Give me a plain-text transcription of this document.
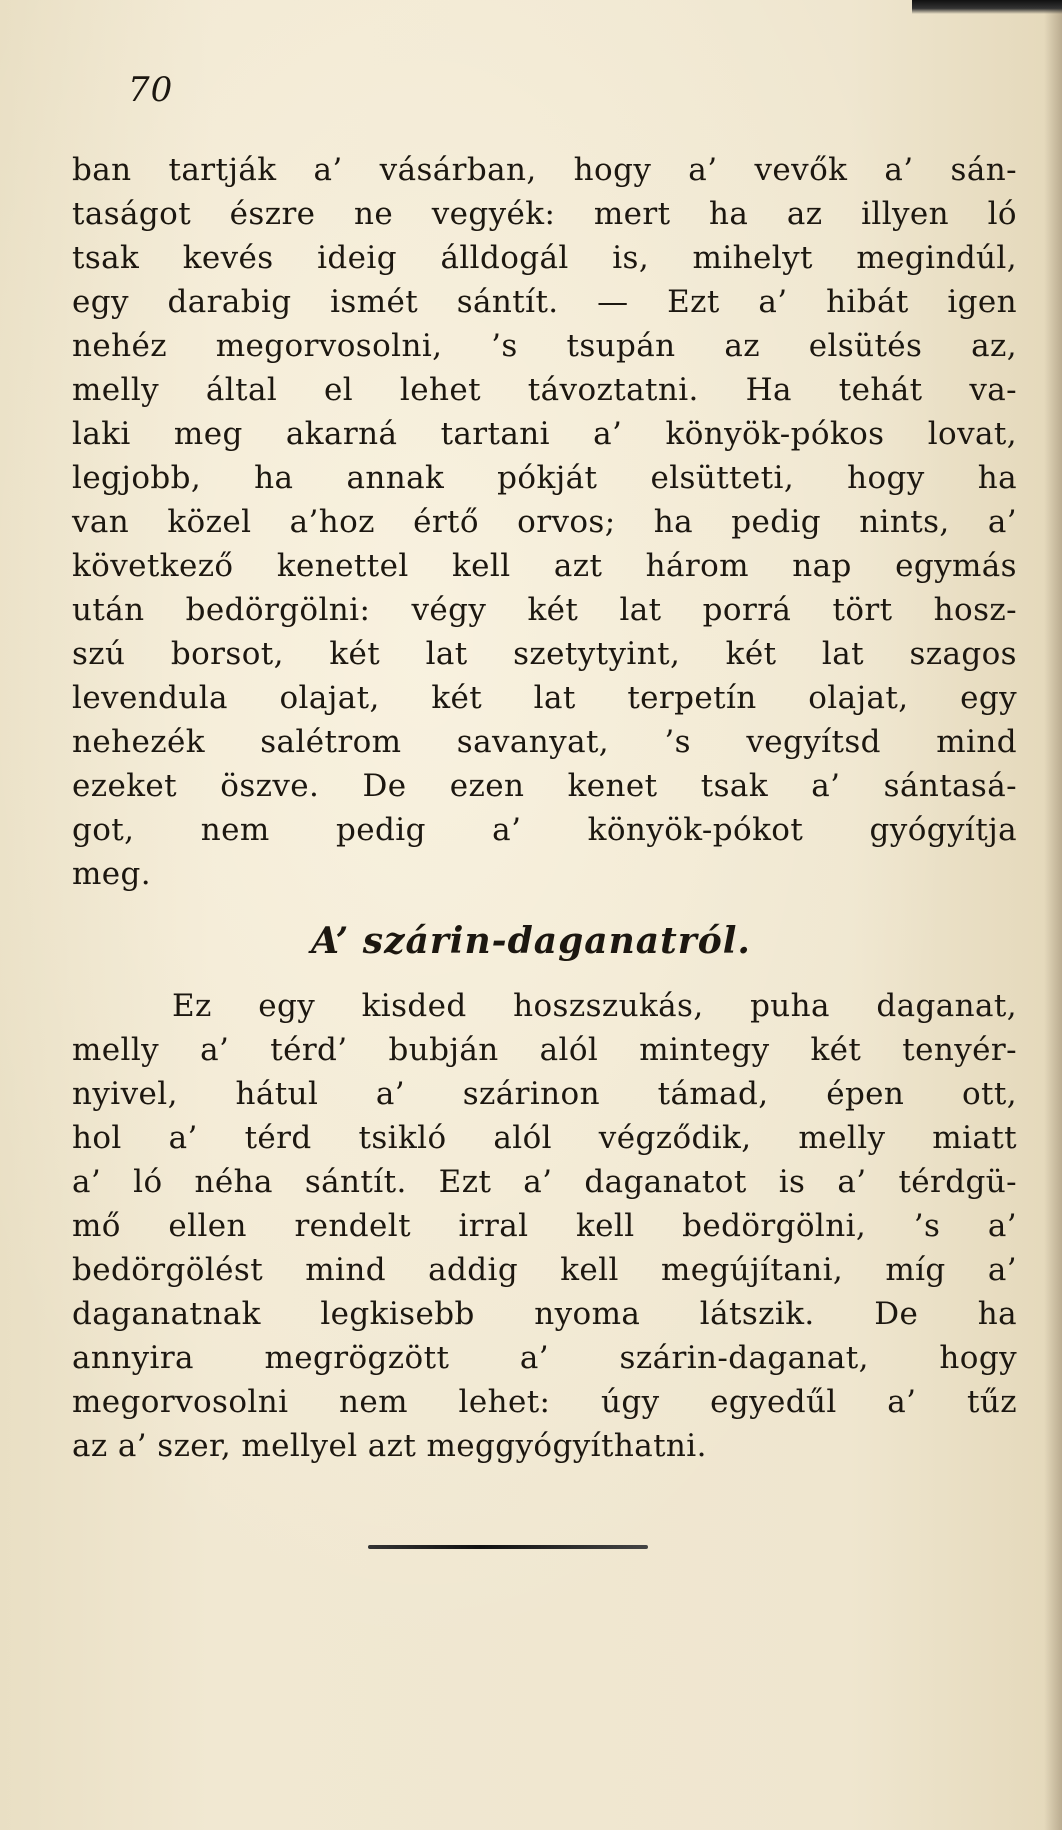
70
ban tartják a’ vásárban, hogy a’ vevők a’ sán-
taságot észre ne vegyék: mert ha az illyen ló
tsak kevés ideig álldogál is, mihelyt megindúl,
egy darabig ismét sántít. — Ezt a’ hibát igen
nehéz megorvosolni, ’s tsupán az elsütés az,
melly által el lehet távoztatni. Ha tehát va-
laki meg akarná tartani a’ könyök-pókos lovat,
legjobb, ha annak pókját elsütteti, hogy ha
van közel a’hoz értő orvos; ha pedig nints, a’
következő kenettel kell azt három nap egymás
után bedörgölni: végy két lat porrá tört hosz-
szú borsot, két lat szetytyint, két lat szagos
levendula olajat, két lat terpetín olajat, egy
nehezék salétrom savanyat, ’s vegyítsd mind
ezeket öszve. De ezen kenet tsak a’ sántasá-
got, nem pedig a’ könyök-pókot gyógyítja
meg.
A’ szárin-daganatról.
Ez egy kisded hoszszukás, puha daganat,
melly a’ térd’ bubján alól mintegy két tenyér-
nyivel, hátul a’ szárinon támad, épen ott,
hol a’ térd tsikló alól végződik, melly miatt
a’ ló néha sántít. Ezt a’ daganatot is a’ térdgü-
mő ellen rendelt irral kell bedörgölni, ’s a’
bedörgölést mind addig kell megújítani, míg a’
daganatnak legkisebb nyoma látszik. De ha
annyira megrögzött a’ szárin-daganat, hogy
megorvosolni nem lehet: úgy egyedűl a’ tűz
az a’ szer, mellyel azt meggyógyíthatni.
